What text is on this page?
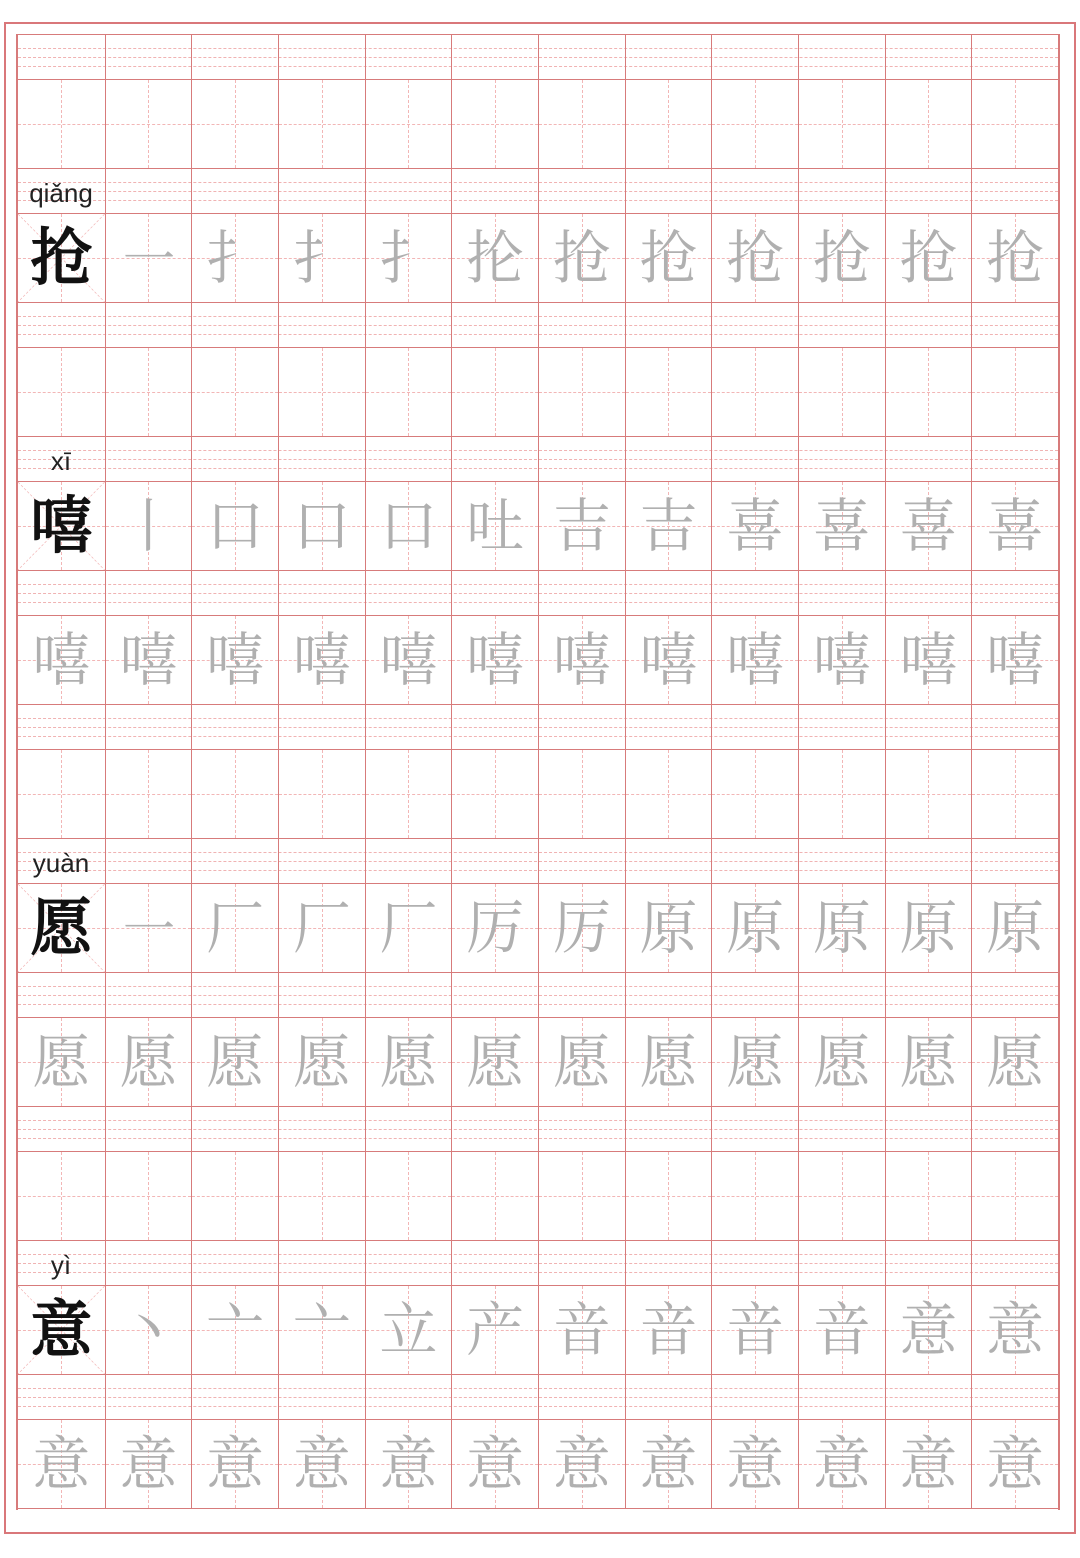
qiǎng
抢 ㇐ 扌 扌 扌 抡 抢 抢 抢 抢 抢 抢
xī
嘻 丨 口 口 口 吐 吉 吉 喜 喜 喜 喜
嘻 嘻 嘻 嘻 嘻 嘻 嘻 嘻 嘻 嘻 嘻 嘻
yuàn
愿 ㇐ 厂 厂 厂 厉 厉 原 原 原 原 原
愿 愿 愿 愿 愿 愿 愿 愿 愿 愿 愿 愿
yì
意 丶 亠 亠 立 产 音 音 音 音 意 意
意 意 意 意 意 意 意 意 意 意 意 意
